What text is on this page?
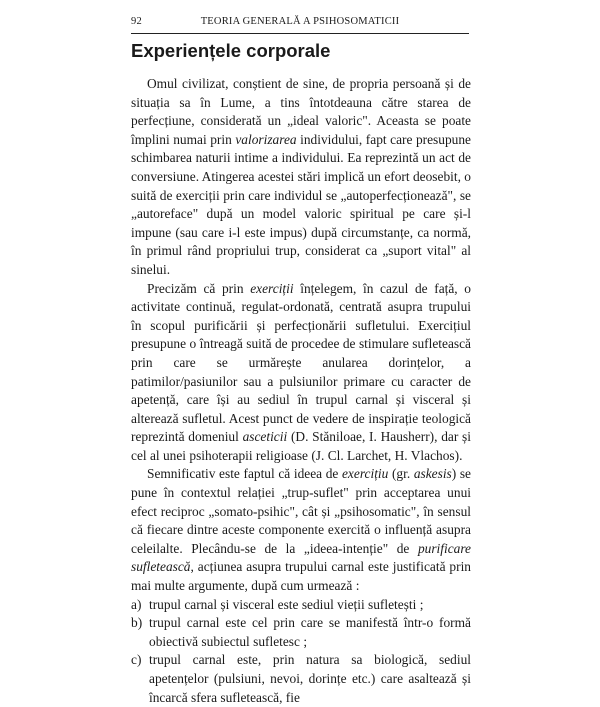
92	TEORIA GENERALĂ A PSIHOSOMATICII
Experiențele corporale

Omul civilizat, conștient de sine, de propria persoană și de situația sa în Lume, a tins întotdeauna către starea de perfecțiune, considerată un „ideal valoric". Aceasta se poate împlini numai prin valorizarea individului, fapt care presupune schimbarea naturii intime a individului. Ea reprezintă un act de conversiune. Atingerea acestei stări implică un efort deosebit, o suită de exerciții prin care individul se „autoperfecționează", se „autoreface" după un model valoric spiritual pe care și-l impune (sau care i-l este impus) după circumstanțe, ca normă, în primul rând propriului trup, considerat ca „suport vital" al sinelui.

Precizăm că prin exerciții înțelegem, în cazul de față, o activitate continuă, regulat-ordonată, centrată asupra trupului în scopul purificării și perfecționării sufletului. Exercițiul presupune o întreagă suită de procedee de stimulare sufletească prin care se urmărește anularea dorințelor, a patimilor/pasiunilor sau a pulsiunilor primare cu caracter de apetență, care își au sediul în trupul carnal și visceral și alterează sufletul. Acest punct de vedere de inspirație teologică reprezintă domeniul asceticii (D. Stăniloae, I. Hausherr), dar și cel al unei psihoterapii religioase (J. Cl. Larchet, H. Vlachos).

Semnificativ este faptul că ideea de exercițiu (gr. askesis) se pune în contextul relației „trup-suflet" prin acceptarea unui efect reciproc „somato-psihic", cât și „psihosomatic", în sensul că fiecare dintre aceste componente exercită o influență asupra celeilalte. Plecându-se de la „ideea-intenție" de purificare sufletească, acțiunea asupra trupului carnal este justificată prin mai multe argumente, după cum urmează :

a) trupul carnal și visceral este sediul vieții sufletești ;
b) trupul carnal este cel prin care se manifestă într-o formă obiectivă subiectul sufletesc ;
c) trupul carnal este, prin natura sa biologică, sediul apetențelor (pulsiuni, nevoi, dorințe etc.) care asaltează și încarcă sfera sufletească, fie
